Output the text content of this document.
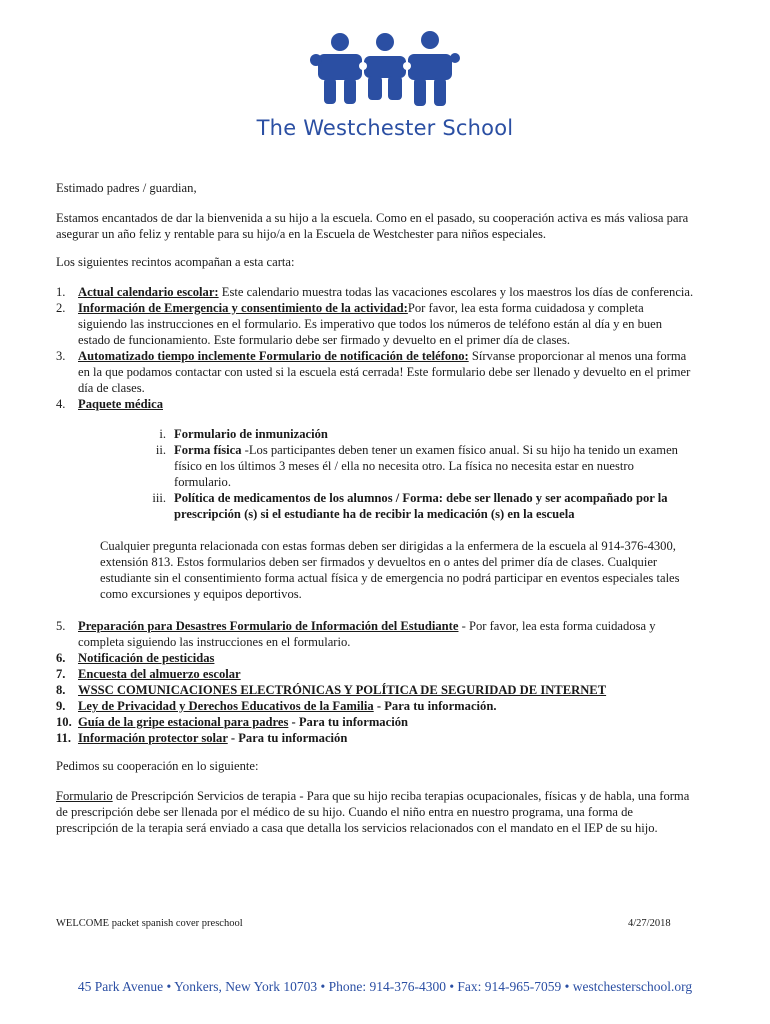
The Westchester School

Estimado padres / guardian,

Estamos encantados de dar la bienvenida a su hijo a la escuela. Como en el pasado, su cooperación activa es más valiosa para asegurar un año feliz y rentable para su hijo/a en la Escuela de Westchester para niños especiales.

Los siguientes recintos acompañan a esta carta:

1. Actual calendario escolar: Este calendario muestra todas las vacaciones escolares y los maestros los días de conferencia.
2. Información de Emergencia y consentimiento de la actividad:Por favor, lea esta forma cuidadosa y completa siguiendo las instrucciones en el formulario. Es imperativo que todos los números de teléfono están al día y en buen estado de funcionamiento. Este formulario debe ser firmado y devuelto en el primer día de clases.
3. Automatizado tiempo inclemente Formulario de notificación de teléfono: Sírvanse proporcionar al menos una forma en la que podamos contactar con usted si la escuela está cerrada! Este formulario debe ser llenado y devuelto en el primer día de clases.
4. Paquete médica
i. Formulario de inmunización
ii. Forma física -Los participantes deben tener un examen físico anual. Si su hijo ha tenido un examen físico en los últimos 3 meses él / ella no necesita otro. La física no necesita estar en nuestro formulario.
iii. Política de medicamentos de los alumnos / Forma: debe ser llenado y ser acompañado por la prescripción (s) si el estudiante ha de recibir la medicación (s) en la escuela

Cualquier pregunta relacionada con estas formas deben ser dirigidas a la enfermera de la escuela al 914-376-4300, extensión 813. Estos formularios deben ser firmados y devueltos en o antes del primer día de clases. Cualquier estudiante sin el consentimiento forma actual física y de emergencia no podrá participar en eventos especiales tales como excursiones y equipos deportivos.

5. Preparación para Desastres Formulario de Información del Estudiante - Por favor, lea esta forma cuidadosa y completa siguiendo las instrucciones en el formulario.
6. Notificación de pesticidas
7. Encuesta del almuerzo escolar
8. WSSC COMUNICACIONES ELECTRÓNICAS Y POLÍTICA DE SEGURIDAD DE INTERNET
9. Ley de Privacidad y Derechos Educativos de la Familia - Para tu información.
10. Guía de la gripe estacional para padres - Para tu información
11. Información protector solar - Para tu información

Pedimos su cooperación en lo siguiente:

Formulario de Prescripción Servicios de terapia - Para que su hijo reciba terapias ocupacionales, físicas y de habla, una forma de prescripción debe ser llenada por el médico de su hijo. Cuando el niño entra en nuestro programa, una forma de prescripción de la terapia será enviado a casa que detalla los servicios relacionados con el mandato en el IEP de su hijo.

WELCOME packet spanish cover preschool	4/27/2018
45 Park Avenue • Yonkers, New York 10703 • Phone: 914-376-4300 • Fax: 914-965-7059 • westchesterschool.org
